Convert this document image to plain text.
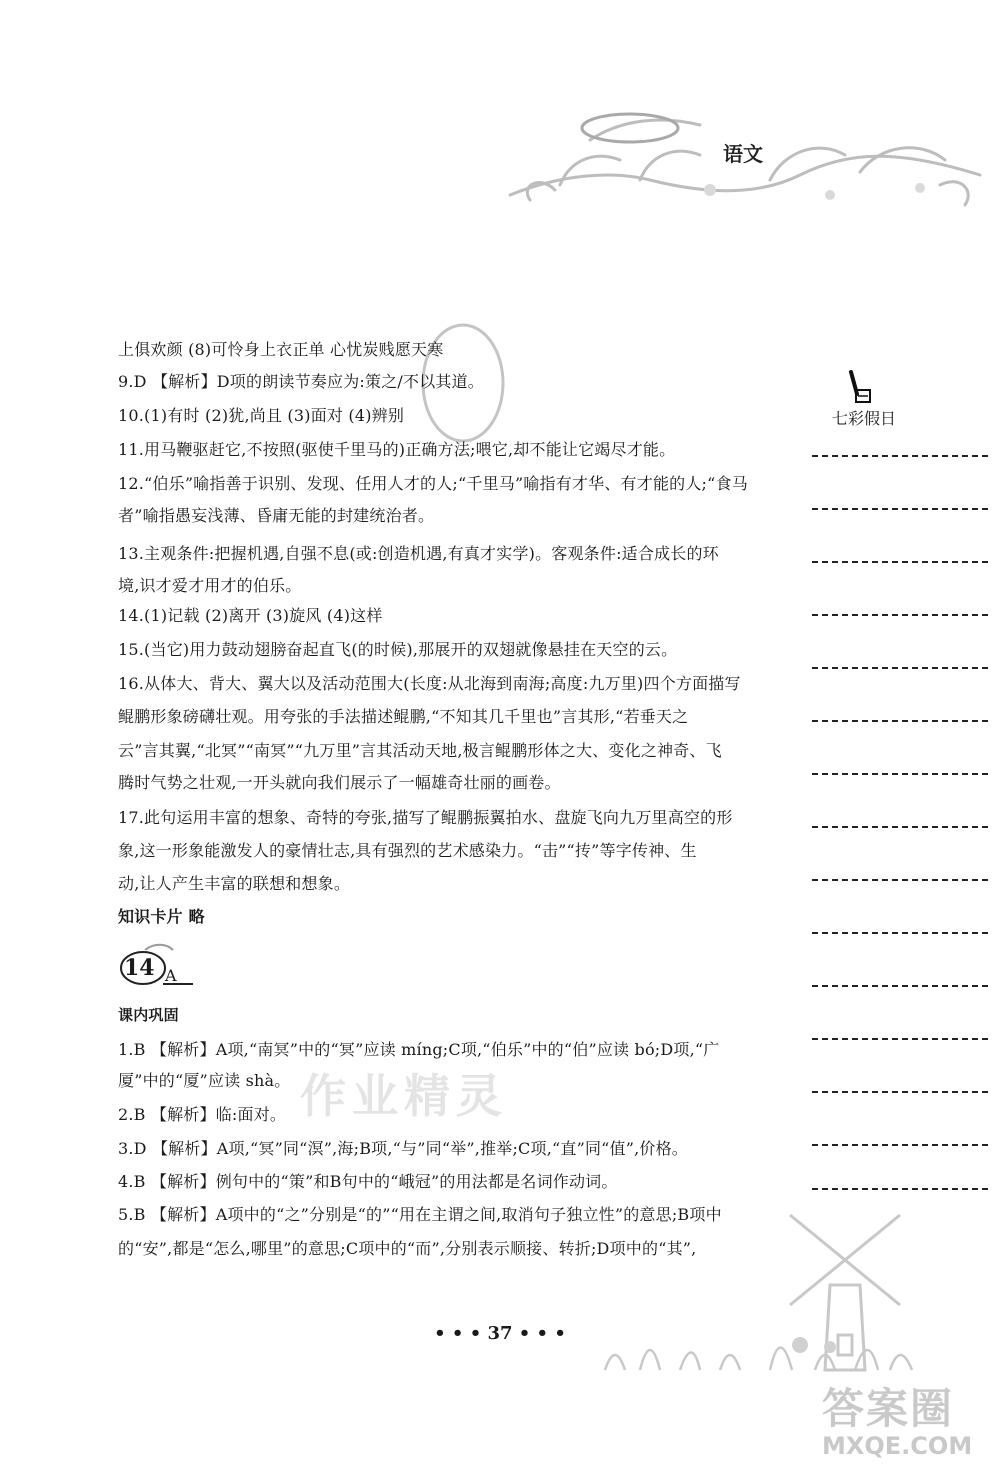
语文
七彩假日
上俱欢颜 (8)可怜身上衣正单 心忧炭贱愿天寒
9.D 【解析】D项的朗读节奏应为:策之/不以其道。
10.(1)有时 (2)犹,尚且 (3)面对 (4)辨别
11.用马鞭驱赶它,不按照(驱使千里马的)正确方法;喂它,却不能让它竭尽才能。
12.“伯乐”喻指善于识别、发现、任用人才的人;“千里马”喻指有才华、有才能的人;“食马
者”喻指愚妄浅薄、昏庸无能的封建统治者。
13.主观条件:把握机遇,自强不息(或:创造机遇,有真才实学)。客观条件:适合成长的环
境,识才爱才用才的伯乐。
14.(1)记载 (2)离开 (3)旋风 (4)这样
15.(当它)用力鼓动翅膀奋起直飞(的时候),那展开的双翅就像悬挂在天空的云。
16.从体大、背大、翼大以及活动范围大(长度:从北海到南海;高度:九万里)四个方面描写
鲲鹏形象磅礴壮观。用夸张的手法描述鲲鹏,“不知其几千里也”言其形,“若垂天之
云”言其翼,“北冥”“南冥”“九万里”言其活动天地,极言鲲鹏形体之大、变化之神奇、飞
腾时气势之壮观,一开头就向我们展示了一幅雄奇壮丽的画卷。
17.此句运用丰富的想象、奇特的夸张,描写了鲲鹏振翼拍水、盘旋飞向九万里高空的形
象,这一形象能激发人的豪情壮志,具有强烈的艺术感染力。“击”“抟”等字传神、生
动,让人产生丰富的联想和想象。
知识卡片 略
14 A
课内巩固
1.B 【解析】A项,“南冥”中的“冥”应读 míng;C项,“伯乐”中的“伯”应读 bó;D项,“广
厦”中的“厦”应读 shà。
2.B 【解析】临:面对。
3.D 【解析】A项,“冥”同“溟”,海;B项,“与”同“举”,推举;C项,“直”同“值”,价格。
4.B 【解析】例句中的“策”和B句中的“峨冠”的用法都是名词作动词。
5.B 【解析】A项中的“之”分别是“的”“用在主谓之间,取消句子独立性”的意思;B项中
的“安”,都是“怎么,哪里”的意思;C项中的“而”,分别表示顺接、转折;D项中的“其”,
作业精灵
• • • 37 • • •
答案圈
MXQE.COM
